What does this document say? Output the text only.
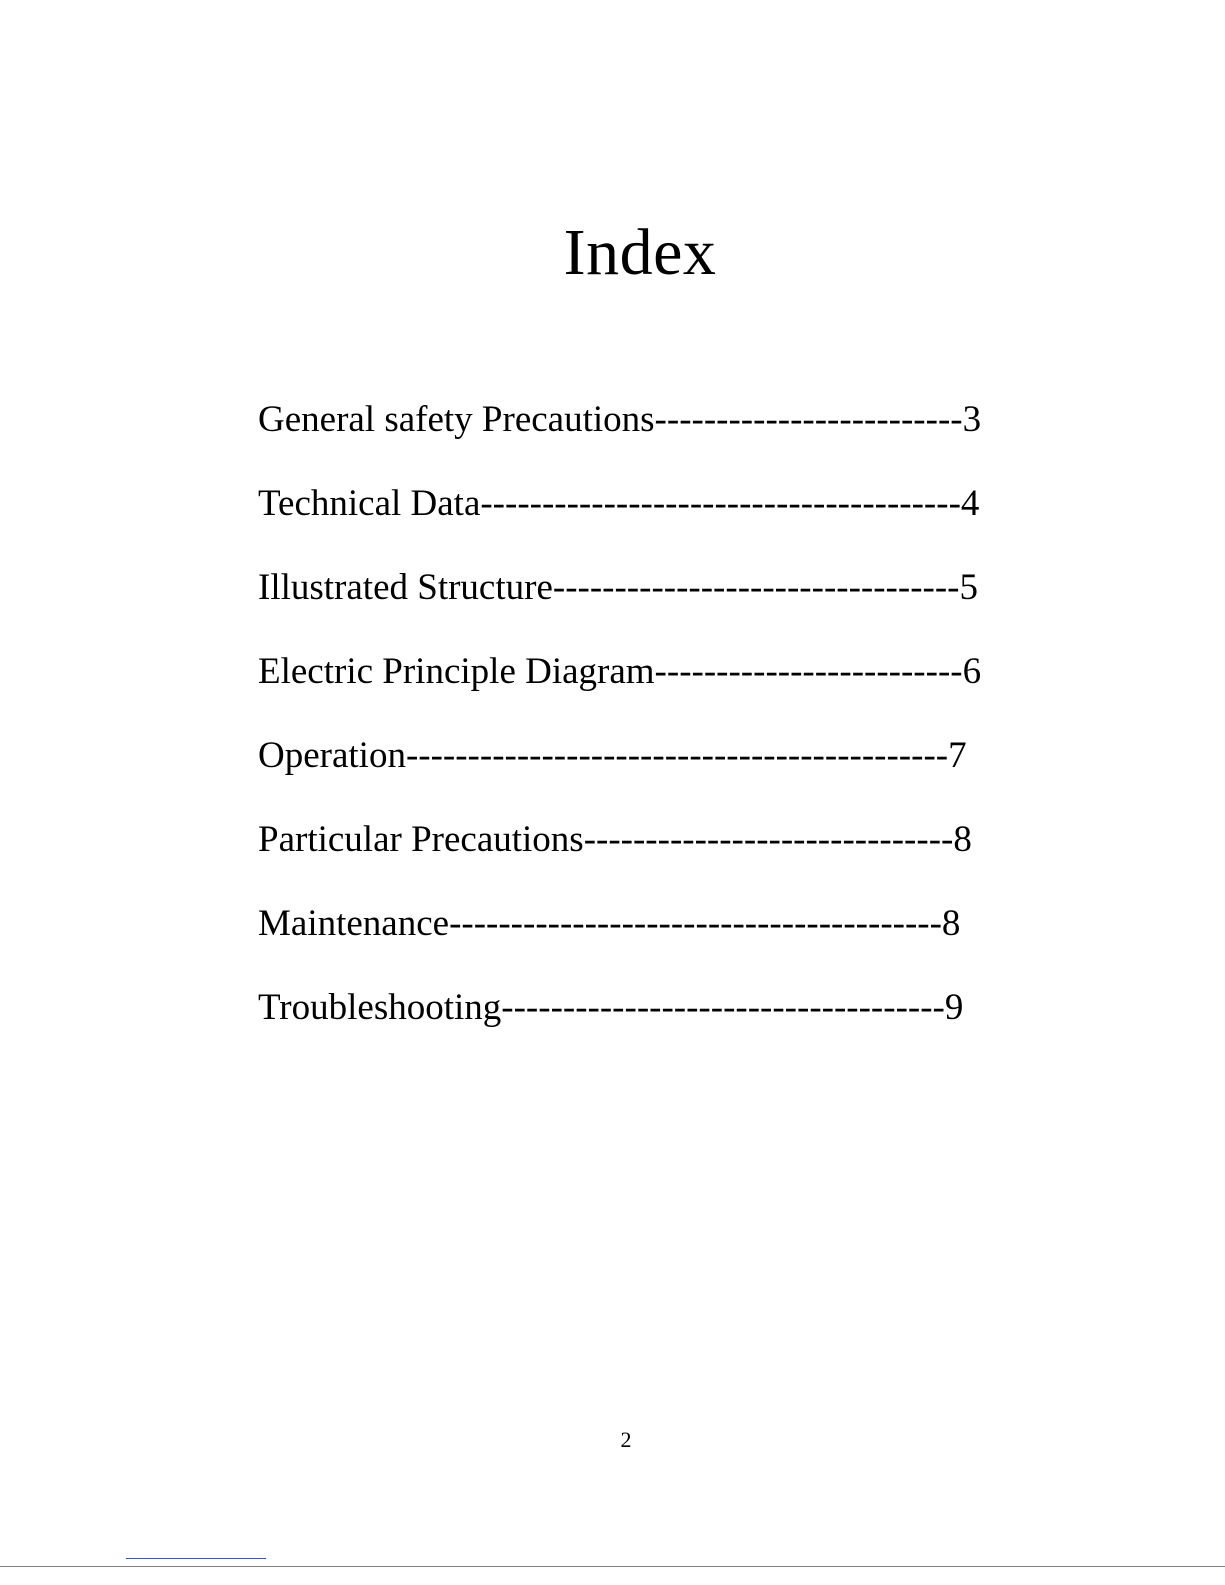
Index
General safety Precautions-------------------------3
Technical Data---------------------------------------4
Illustrated Structure---------------------------------5
Electric Principle Diagram-------------------------6
Operation--------------------------------------------7
Particular Precautions------------------------------8
Maintenance----------------------------------------8
Troubleshooting------------------------------------9
2
